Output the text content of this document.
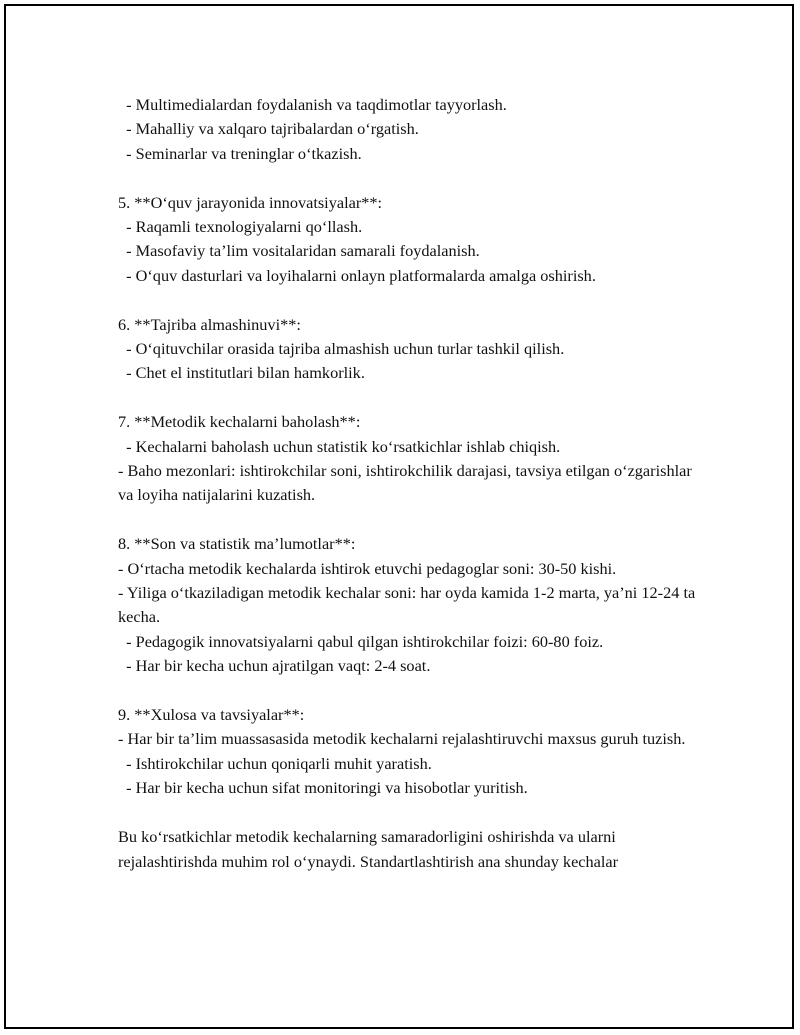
- Multimedialardan foydalanish va taqdimotlar tayyorlash.
- Mahalliy va xalqaro tajribalardan o‘rgatish.
- Seminarlar va treninglar o‘tkazish.
5. **O‘quv jarayonida innovatsiyalar**:
- Raqamli texnologiyalarni qo‘llash.
- Masofaviy ta’lim vositalaridan samarali foydalanish.
- O‘quv dasturlari va loyihalarni onlayn platformalarda amalga oshirish.
6. **Tajriba almashinuvi**:
- O‘qituvchilar orasida tajriba almashish uchun turlar tashkil qilish.
- Chet el institutlari bilan hamkorlik.
7. **Metodik kechalarni baholash**:
- Kechalarni baholash uchun statistik ko‘rsatkichlar ishlab chiqish.
- Baho mezonlari: ishtirokchilar soni, ishtirokchilik darajasi, tavsiya etilgan o‘zgarishlar va loyiha natijalarini kuzatish.
8. **Son va statistik ma’lumotlar**:
- O‘rtacha metodik kechalarda ishtirok etuvchi pedagoglar soni: 30-50 kishi.
- Yiliga o‘tkaziladigan metodik kechalar soni: har oyda kamida 1-2 marta, ya’ni 12-24 ta kecha.
- Pedagogik innovatsiyalarni qabul qilgan ishtirokchilar foizi: 60-80 foiz.
- Har bir kecha uchun ajratilgan vaqt: 2-4 soat.
9. **Xulosa va tavsiyalar**:
- Har bir ta’lim muassasasida metodik kechalarni rejalashtiruvchi maxsus guruh tuzish.
- Ishtirokchilar uchun qoniqarli muhit yaratish.
- Har bir kecha uchun sifat monitoringi va hisobotlar yuritish.
Bu ko‘rsatkichlar metodik kechalarning samaradorligini oshirishda va ularni rejalashtirishda muhim rol o‘ynaydi. Standartlashtirish ana shunday kechalar
